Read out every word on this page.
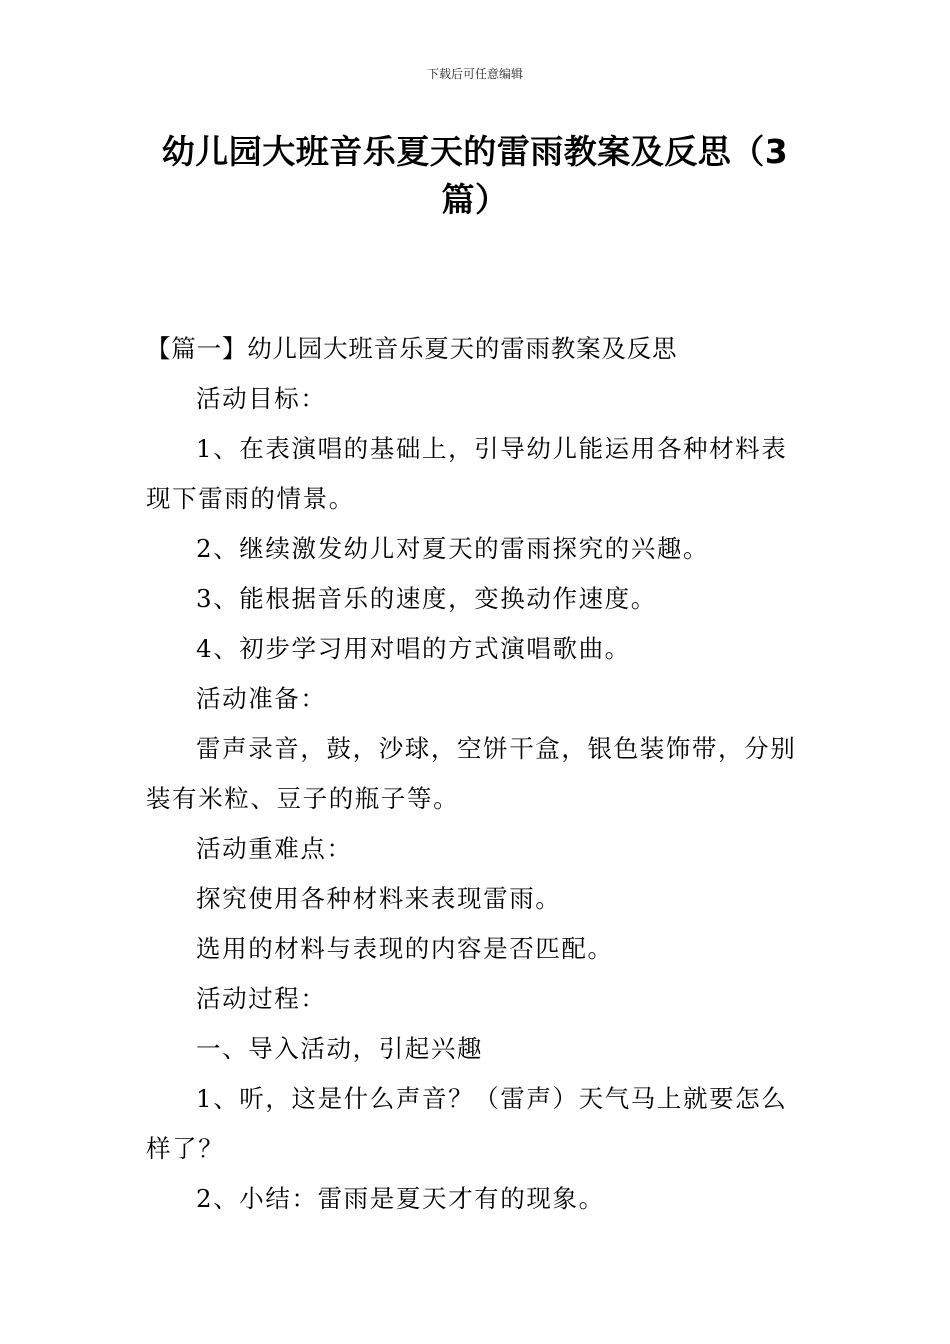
下载后可任意编辑
幼儿园大班音乐夏天的雷雨教案及反思（3篇）

【篇一】幼儿园大班音乐夏天的雷雨教案及反思

活动目标：

1、在表演唱的基础上，引导幼儿能运用各种材料表现下雷雨的情景。

2、继续激发幼儿对夏天的雷雨探究的兴趣。

3、能根据音乐的速度，变换动作速度。

4、初步学习用对唱的方式演唱歌曲。

活动准备：

雷声录音，鼓，沙球，空饼干盒，银色装饰带，分别装有米粒、豆子的瓶子等。

活动重难点：

探究使用各种材料来表现雷雨。

选用的材料与表现的内容是否匹配。

活动过程：

一、导入活动，引起兴趣

1、听，这是什么声音？（雷声）天气马上就要怎么样了？

2、小结：雷雨是夏天才有的现象。
